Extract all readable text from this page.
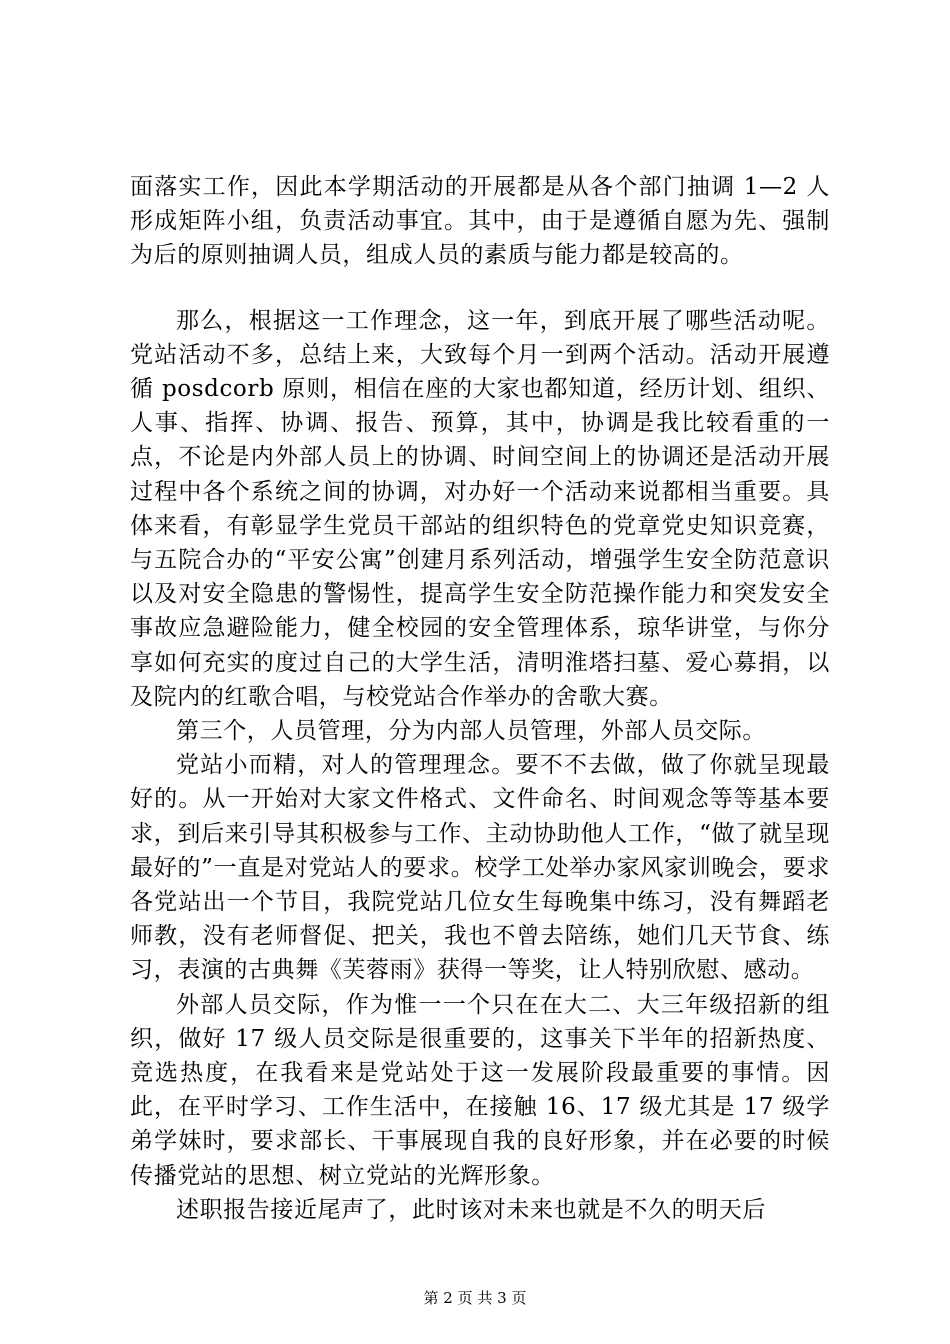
面落实工作，因此本学期活动的开展都是从各个部门抽调 1—2 人形成矩阵小组，负责活动事宜。其中，由于是遵循自愿为先、强制为后的原则抽调人员，组成人员的素质与能力都是较高的。

那么，根据这一工作理念，这一年，到底开展了哪些活动呢。党站活动不多，总结上来，大致每个月一到两个活动。活动开展遵循 posdcorb 原则，相信在座的大家也都知道，经历计划、组织、人事、指挥、协调、报告、预算，其中，协调是我比较看重的一点，不论是内外部人员上的协调、时间空间上的协调还是活动开展过程中各个系统之间的协调，对办好一个活动来说都相当重要。具体来看，有彰显学生党员干部站的组织特色的党章党史知识竞赛，与五院合办的“平安公寓”创建月系列活动，增强学生安全防范意识以及对安全隐患的警惕性，提高学生安全防范操作能力和突发安全事故应急避险能力，健全校园的安全管理体系，琼华讲堂，与你分享如何充实的度过自己的大学生活，清明淮塔扫墓、爱心募捐，以及院内的红歌合唱，与校党站合作举办的舍歌大赛。

第三个，人员管理，分为内部人员管理，外部人员交际。

党站小而精，对人的管理理念。要不不去做，做了你就呈现最好的。从一开始对大家文件格式、文件命名、时间观念等等基本要求，到后来引导其积极参与工作、主动协助他人工作，“做了就呈现最好的”一直是对党站人的要求。校学工处举办家风家训晚会，要求各党站出一个节目，我院党站几位女生每晚集中练习，没有舞蹈老师教，没有老师督促、把关，我也不曾去陪练，她们几天节食、练习，表演的古典舞《芙蓉雨》获得一等奖，让人特别欣慰、感动。

外部人员交际，作为惟一一个只在在大二、大三年级招新的组织，做好 17 级人员交际是很重要的，这事关下半年的招新热度、竞选热度，在我看来是党站处于这一发展阶段最重要的事情。因此，在平时学习、工作生活中，在接触 16、17 级尤其是 17 级学弟学妹时，要求部长、干事展现自我的良好形象，并在必要的时候传播党站的思想、树立党站的光辉形象。

述职报告接近尾声了，此时该对未来也就是不久的明天后

第 2 页 共 3 页
